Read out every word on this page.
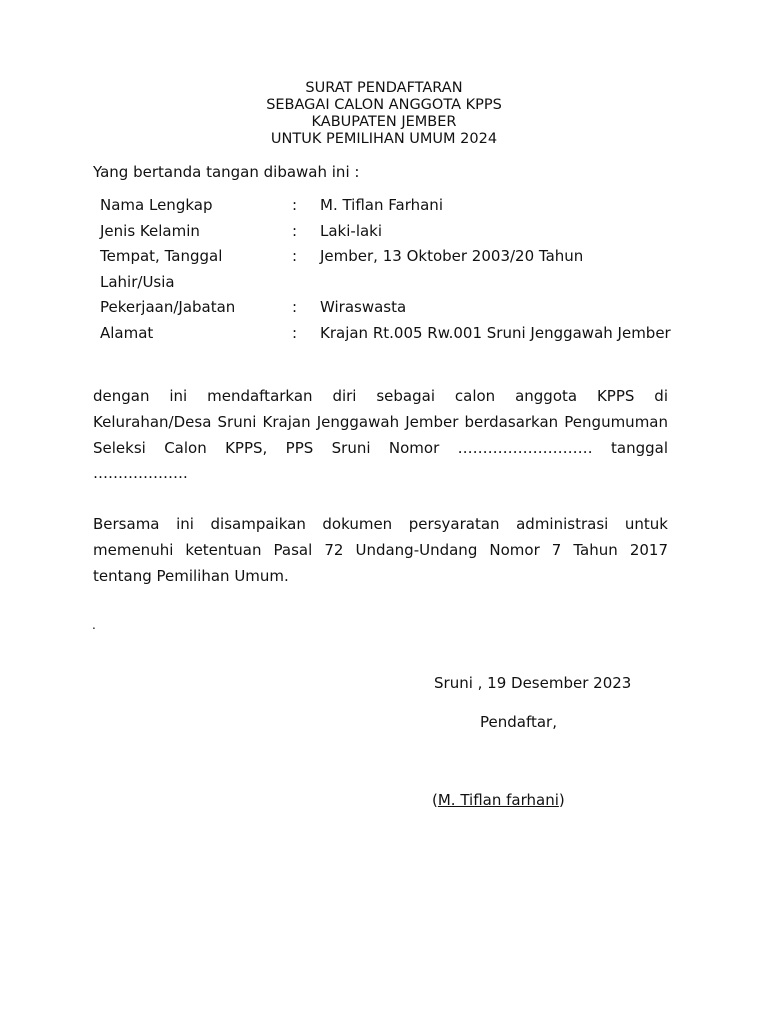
SURAT PENDAFTARAN
SEBAGAI CALON ANGGOTA KPPS
KABUPATEN JEMBER
UNTUK PEMILIHAN UMUM 2024
Yang bertanda tangan dibawah ini :
Nama Lengkap	: M. Tiflan Farhani
Jenis Kelamin	: Laki-laki
Tempat, Tanggal Lahir/Usia
: Jember, 13 Oktober 2003/20 Tahun
Pekerjaan/Jabatan	: Wiraswasta
Alamat	: Krajan Rt.005 Rw.001 Sruni Jenggawah Jember
dengan ini mendaftarkan diri sebagai calon anggota KPPS di Kelurahan/Desa Sruni Krajan Jenggawah Jember berdasarkan Pengumuman Seleksi Calon KPPS, PPS Sruni Nomor ……………………… tanggal ……………….
Bersama ini disampaikan dokumen persyaratan administrasi untuk memenuhi ketentuan Pasal 72 Undang-Undang Nomor 7 Tahun 2017 tentang Pemilihan Umum.
.
Sruni , 19 Desember 2023
Pendaftar,
(M. Tiflan farhani)
